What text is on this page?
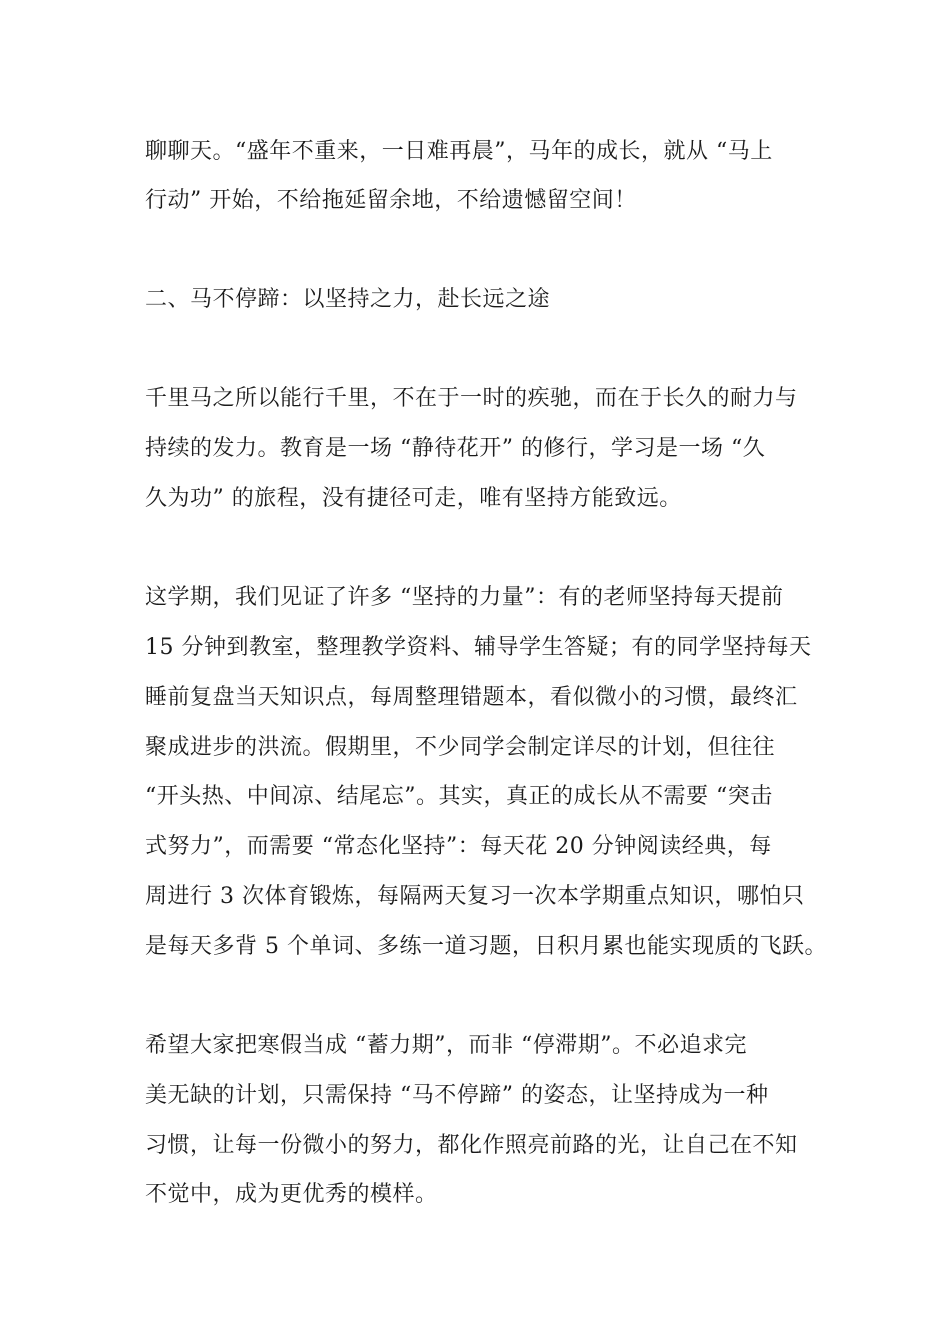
聊聊天。“盛年不重来，一日难再晨”，马年的成长，就从 “马上
行动” 开始，不给拖延留余地，不给遗憾留空间！
二、马不停蹄：以坚持之力，赴长远之途
千里马之所以能行千里，不在于一时的疾驰，而在于长久的耐力与
持续的发力。教育是一场 “静待花开” 的修行，学习是一场 “久
久为功” 的旅程，没有捷径可走，唯有坚持方能致远。
这学期，我们见证了许多 “坚持的力量”：有的老师坚持每天提前
15 分钟到教室，整理教学资料、辅导学生答疑；有的同学坚持每天
睡前复盘当天知识点，每周整理错题本，看似微小的习惯，最终汇
聚成进步的洪流。假期里，不少同学会制定详尽的计划，但往往
“开头热、中间凉、结尾忘”。其实，真正的成长从不需要 “突击
式努力”，而需要 “常态化坚持”：每天花 20 分钟阅读经典，每
周进行 3 次体育锻炼，每隔两天复习一次本学期重点知识，哪怕只
是每天多背 5 个单词、多练一道习题，日积月累也能实现质的飞跃。
希望大家把寒假当成 “蓄力期”，而非 “停滞期”。不必追求完
美无缺的计划，只需保持 “马不停蹄” 的姿态，让坚持成为一种
习惯，让每一份微小的努力，都化作照亮前路的光，让自己在不知
不觉中，成为更优秀的模样。
